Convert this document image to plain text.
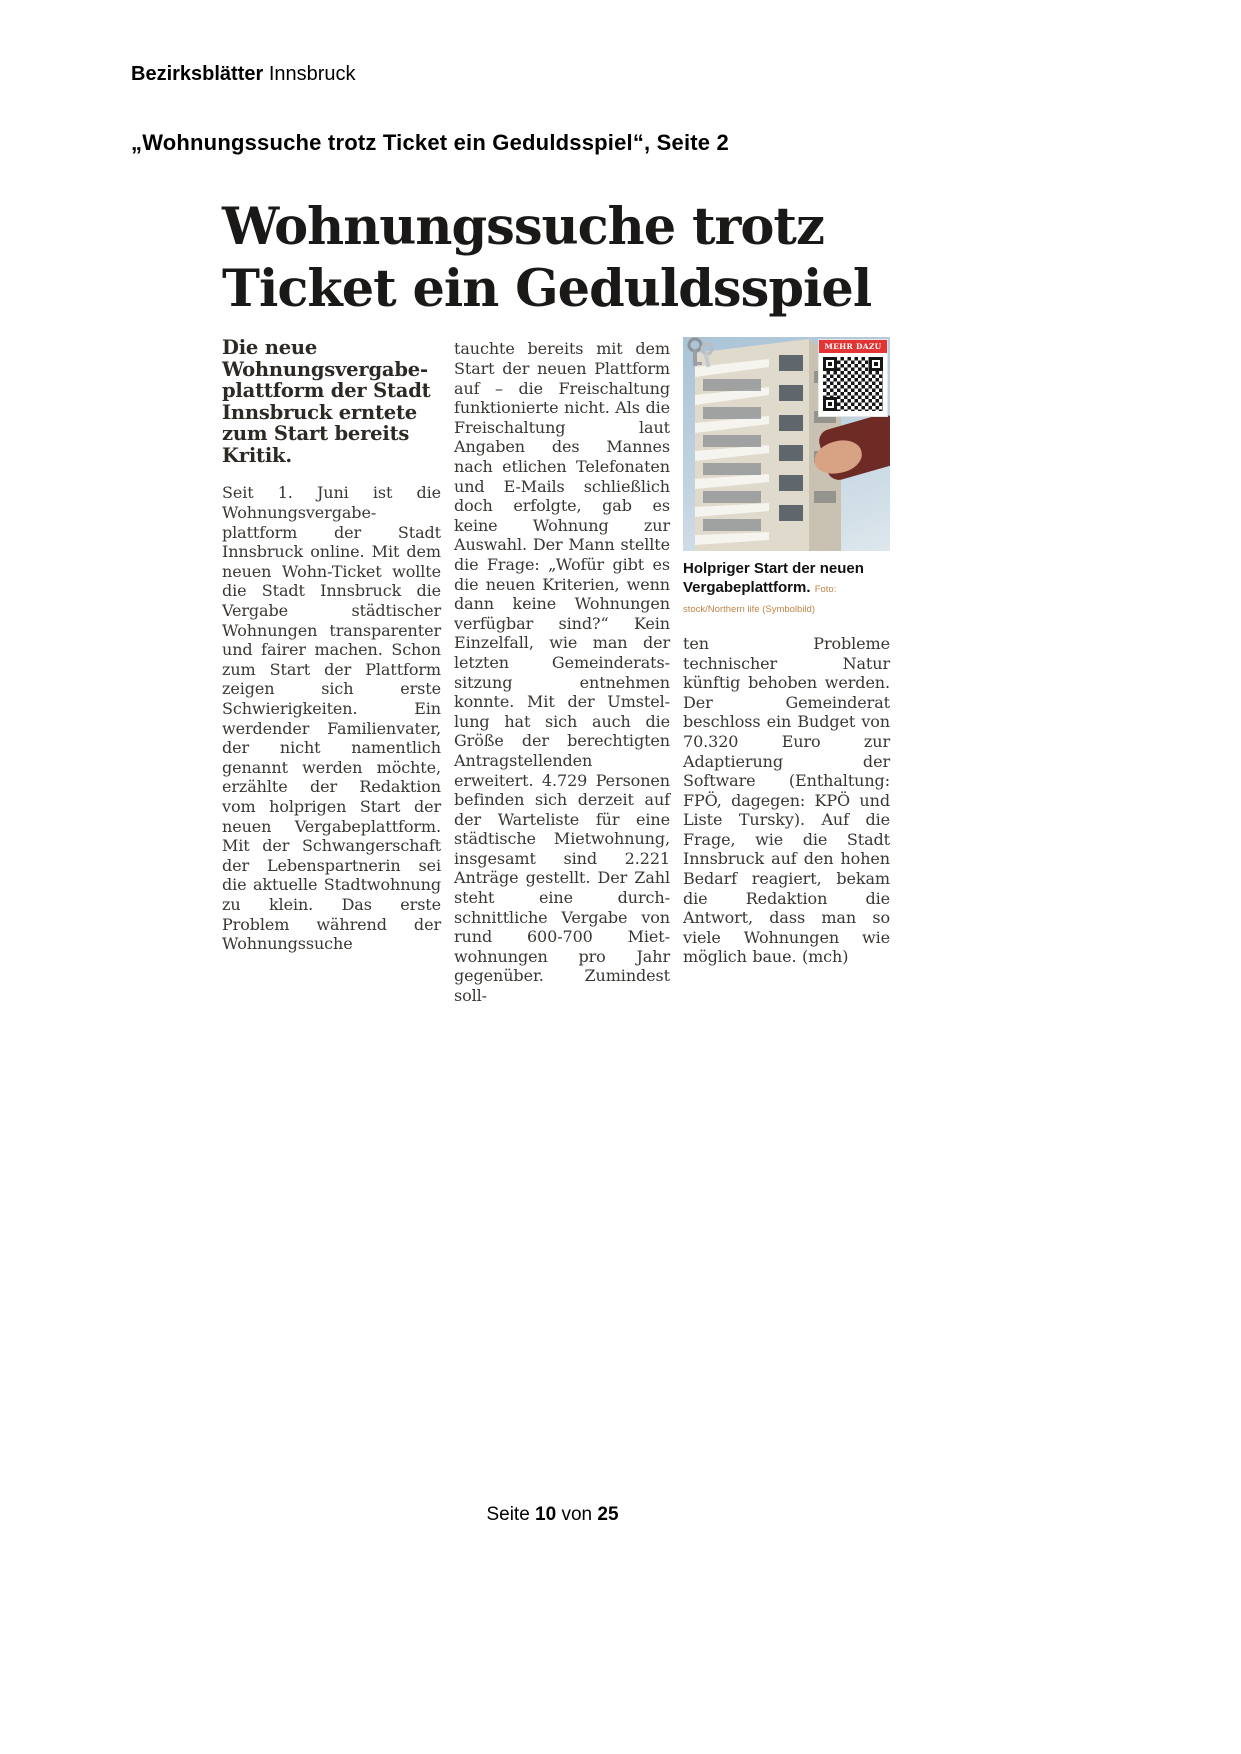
Bezirksblätter Innsbruck
„Wohnungssuche trotz Ticket ein Geduldsspiel“, Seite 2
Wohnungssuche trotz
Ticket ein Geduldsspiel

Die neue Wohnungsvergabeplattform der Stadt Innsbruck erntete zum Start bereits Kritik.

Seit 1. Juni ist die Wohnungsvergabeplattform der Stadt Innsbruck online. Mit dem neuen Wohn-Ticket wollte die Stadt Innsbruck die Vergabe städtischer Wohnungen transparenter und fairer machen. Schon zum Start der Plattform zeigen sich erste Schwierigkeiten. Ein werdender Familienvater, der nicht namentlich genannt werden möchte, erzählte der Redaktion vom holprigen Start der neuen Vergabeplattform. Mit der Schwangerschaft der Lebenspartnerin sei die aktuelle Stadtwohnung zu klein. Das erste Problem während der Wohnungssuche

tauchte bereits mit dem Start der neuen Plattform auf – die Freischaltung funktionierte nicht. Als die Freischaltung laut Angaben des Mannes nach etlichen Telefonaten und E-Mails schließlich doch erfolgte, gab es keine Wohnung zur Auswahl. Der Mann stellte die Frage: „Wofür gibt es die neuen Kriterien, wenn dann keine Wohnungen verfügbar sind?“ Kein Einzelfall, wie man der letzten Gemeinderatssitzung entnehmen konnte. Mit der Umstellung hat sich auch die Größe der berechtigten Antragstellenden erweitert. 4.729 Personen befinden sich derzeit auf der Warteliste für eine städtische Mietwohnung, insgesamt sind 2.221 Anträge gestellt. Der Zahl steht eine durchschnittliche Vergabe von rund 600-700 Mietwohnungen pro Jahr gegenüber. Zumindest soll-

MEHR DAZU
Holpriger Start der neuen Vergabeplattform. Foto: stock/Northern life (Symbolbild)

ten Probleme technischer Natur künftig behoben werden. Der Gemeinderat beschloss ein Budget von 70.320 Euro zur Adaptierung der Software (Enthaltung: FPÖ, dagegen: KPÖ und Liste Tursky). Auf die Frage, wie die Stadt Innsbruck auf den hohen Bedarf reagiert, bekam die Redaktion die Antwort, dass man so viele Wohnungen wie möglich baue. (mch)

Seite 10 von 25
